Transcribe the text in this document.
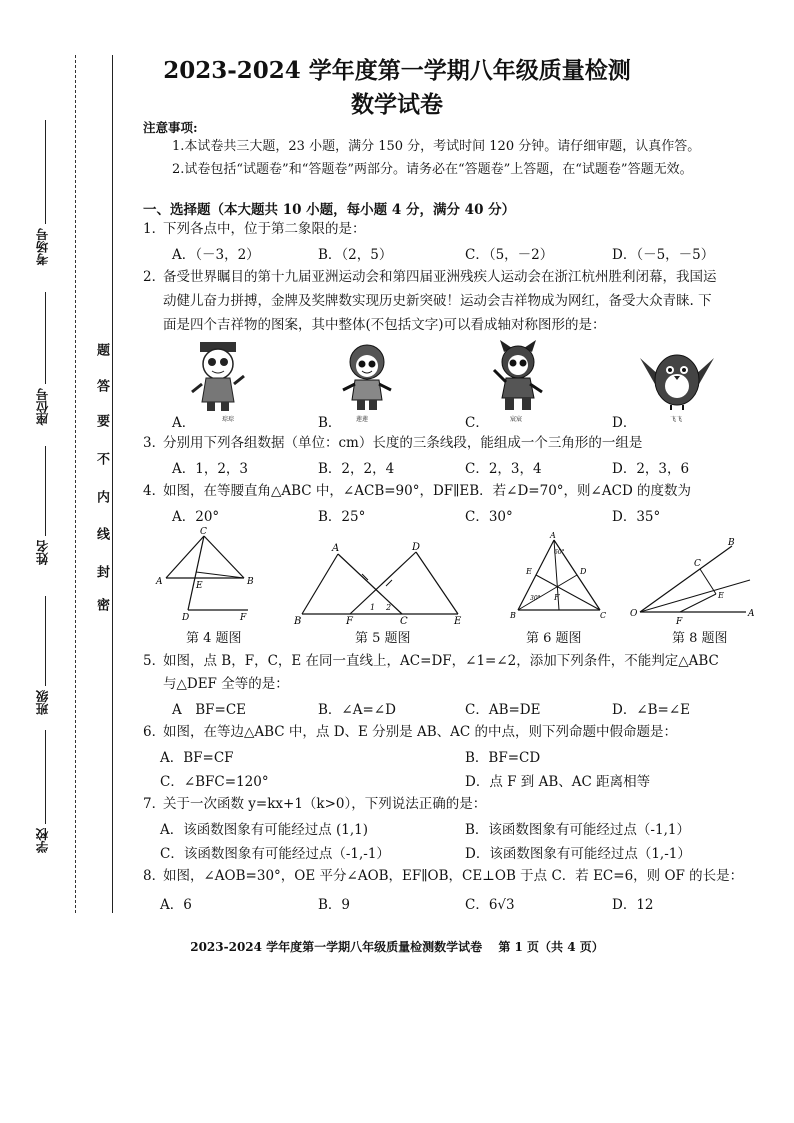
考场号
座位号
姓名
班级
学校
密
封
线
内
不
要
答
题
2023-2024 学年度第一学期八年级质量检测
数学试卷
注意事项:
1.本试卷共三大题，23 小题，满分 150 分，考试时间 120 分钟。请仔细审题，认真作答。
2.试卷包括“试题卷”和“答题卷”两部分。请务必在“答题卷”上答题，在“试题卷”答题无效。
一、选择题（本大题共 10 小题，每小题 4 分，满分 40 分）
1．
下列各点中，位于第二象限的是：
A．（－3，2）	B．（2，5）	C．（5，－2）	D．（－5，－5）
2．
备受世界瞩目的第十九届亚洲运动会和第四届亚洲残疾人运动会在浙江杭州胜利闭幕，我国运
动健儿奋力拼搏，金牌及奖牌数实现历史新突破！运动会吉祥物成为网红，备受大众青睐. 下
面是四个吉祥物的图案，其中整体(不包括文字)可以看成轴对称图形的是：
琮琮	莲莲	宸宸	飞飞
A．	B．	C．	D．
3．
分别用下列各组数据（单位：cm）长度的三条线段，能组成一个三角形的一组是
A．1，2，3	B．2，2，4	C．2，3，4	D．2，3，6
4．
如图，在等腰直角△ABC 中，∠ACB=90°，DF∥EB．若∠D=70°，则∠ACD 的度数为
A．20°	B．25°	C．30°	D．35°
C
A	E	B
D	F
第 4 题图
A	D
B	F	C	E
1 2
第 5 题图
A
E	D
F
B	C
60°
30°
第 6 题图
B
C
E
O
F
A
第 8 题图
5．
如图，点 B，F，C，E 在同一直线上，AC=DF，∠1=∠2，添加下列条件，不能判定△ABC
与△DEF 全等的是：
A　BF=CE	B．∠A=∠D	C．AB=DE	D．∠B=∠E
6．
如图，在等边△ABC 中，点 D、E 分别是 AB、AC 的中点，则下列命题中假命题是：
A．BF=CF	B．BF=CD
C．∠BFC=120°	D．点 F 到 AB、AC 距离相等
7．
关于一次函数 y=kx+1（k>0），下列说法正确的是：
A．该函数图象有可能经过点 (1,1)	B．该函数图象有可能经过点（-1,1）
C．该函数图象有可能经过点（-1,-1）	D．该函数图象有可能经过点（1,-1）
8．
如图，∠AOB=30°，OE 平分∠AOB，EF∥OB，CE⊥OB 于点 C．若 EC=6，则 OF 的长是：
A．6	B．9	C．6√3	D．12
2023-2024 学年度第一学期八年级质量检测数学试卷　 第 1 页（共 4 页）
